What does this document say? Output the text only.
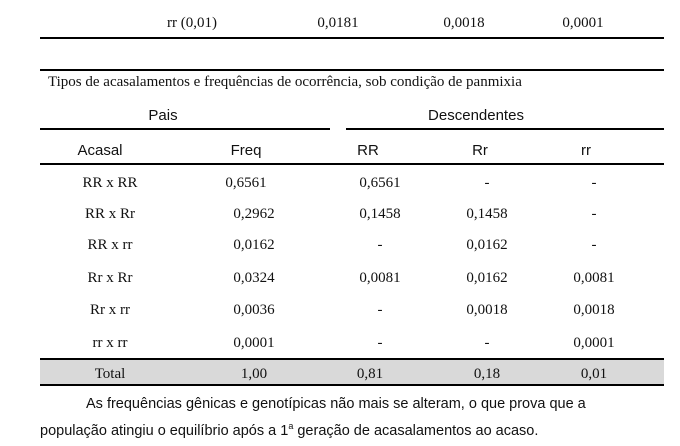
rr (0,01)	0,0181	0,0018	0,0001
Tipos de acasalamentos e frequências de ocorrência, sob condição de panmixia
Pais	Descendentes
Acasal	Freq	RR	Rr	rr
RR x RR	0,6561	0,6561	-	-
RR x Rr	0,2962	0,1458	0,1458	-
RR x rr	0,0162	-	0,0162	-
Rr x Rr	0,0324	0,0081	0,0162	0,0081
Rr x rr	0,0036	-	0,0018	0,0018
rr x rr	0,0001	-	-	0,0001
Total	1,00	0,81	0,18	0,01
As frequências gênicas e genotípicas não mais se alteram, o que prova que a
população atingiu o equilíbrio após a 1$^a$ geração de acasalamentos ao acaso.
